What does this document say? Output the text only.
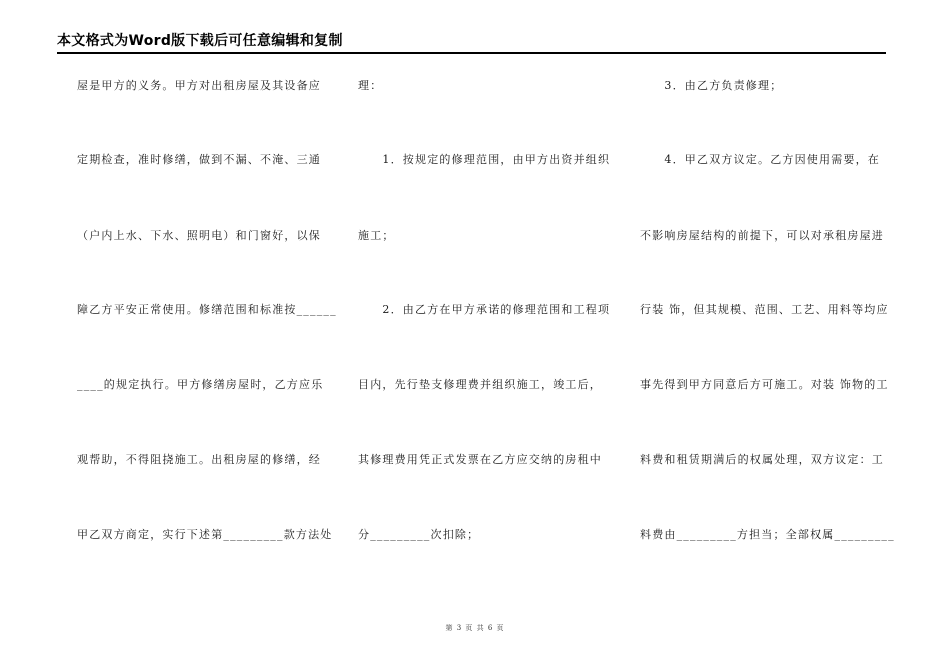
本文格式为Word版下载后可任意编辑和复制
屋是甲方的义务。甲方对出租房屋及其设备应
定期检查，准时修缮，做到不漏、不淹、三通
（户内上水、下水、照明电）和门窗好，以保
障乙方平安正常使用。修缮范围和标准按______
____的规定执行。甲方修缮房屋时，乙方应乐
观帮助，不得阻挠施工。出租房屋的修缮，经
甲乙双方商定，实行下述第_________款方法处
理：
　　1．按规定的修理范围，由甲方出资并组织
施工；
　　2．由乙方在甲方承诺的修理范围和工程项
目内，先行垫支修理费并组织施工，竣工后，
其修理费用凭正式发票在乙方应交纳的房租中
分_________次扣除；
　　3．由乙方负责修理；
　　4．甲乙双方议定。乙方因使用需要，在
不影响房屋结构的前提下，可以对承租房屋进
行装 饰，但其规模、范围、工艺、用料等均应
事先得到甲方同意后方可施工。对装 饰物的工
料费和租赁期满后的权属处理，双方议定：工
料费由_________方担当；全部权属_________
第 3 页 共 6 页
